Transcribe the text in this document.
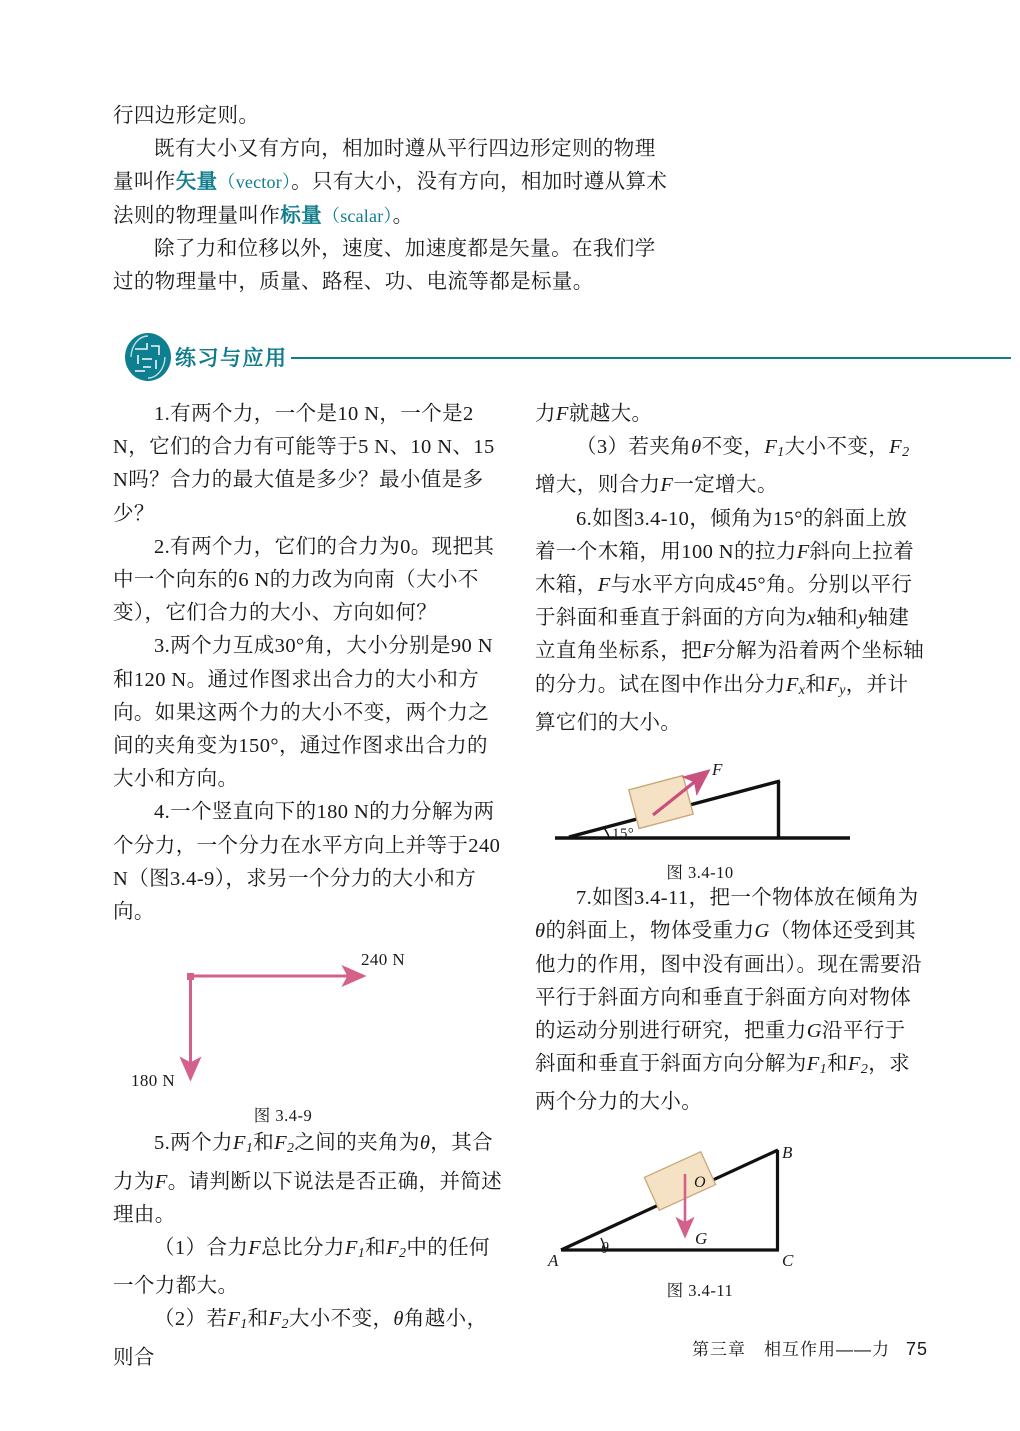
行四边形定则。

既有大小又有方向，相加时遵从平行四边形定则的物理量叫作矢量（vector）。只有大小，没有方向，相加时遵从算术法则的物理量叫作标量（scalar）。

除了力和位移以外，速度、加速度都是矢量。在我们学过的物理量中，质量、路程、功、电流等都是标量。

练习与应用

1.有两个力，一个是10 N，一个是2 N，它们的合力有可能等于5 N、10 N、15 N吗？合力的最大值是多少？最小值是多少？

2.有两个力，它们的合力为0。现把其中一个向东的6 N的力改为向南（大小不变），它们合力的大小、方向如何？

3.两个力互成30°角，大小分别是90 N和120 N。通过作图求出合力的大小和方向。如果这两个力的大小不变，两个力之间的夹角变为150°，通过作图求出合力的大小和方向。

4.一个竖直向下的180 N的力分解为两个分力，一个分力在水平方向上并等于240 N（图3.4-9），求另一个分力的大小和方向。

240 N
180 N
图 3.4-9

5.两个力$F_1$和$F_2$之间的夹角为θ，其合力为F。请判断以下说法是否正确，并简述理由。

（1）合力F总比分力$F_1$和$F_2$中的任何一个力都大。

（2）若$F_1$和$F_2$大小不变，θ角越小，则合

力F就越大。

（3）若夹角θ不变，$F_1$大小不变，$F_2$增大，则合力F一定增大。

6.如图3.4-10，倾角为15°的斜面上放着一个木箱，用100 N的拉力F斜向上拉着木箱，F与水平方向成45°角。分别以平行于斜面和垂直于斜面的方向为x轴和y轴建立直角坐标系，把F分解为沿着两个坐标轴的分力。试在图中作出分力$F_x$和$F_y$，并计算它们的大小。

15°
F
图 3.4-10

7.如图3.4-11，把一个物体放在倾角为θ的斜面上，物体受重力G（物体还受到其他力的作用，图中没有画出）。现在需要沿平行于斜面方向和垂直于斜面方向对物体的运动分别进行研究，把重力G沿平行于斜面和垂直于斜面方向分解为$F_1$和$F_2$，求两个分力的大小。

A
B
C
O
θ
G
图 3.4-11
第三章　相互作用——力 75
